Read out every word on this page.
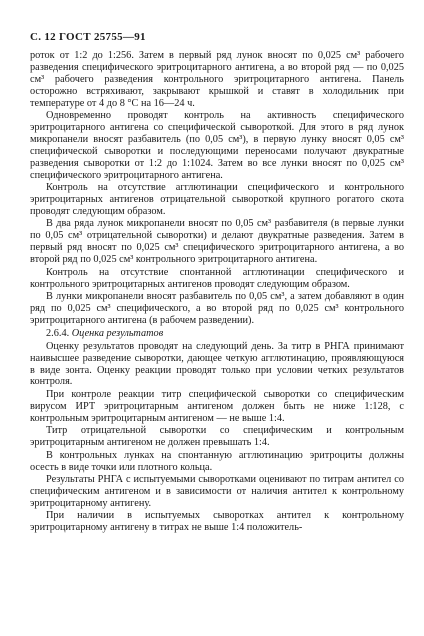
С. 12 ГОСТ 25755—91

роток от 1:2 до 1:256. Затем в первый ряд лунок вносят по 0,025 см³ рабочего разведения специфического эритроцитарного антигена, а во второй ряд — по 0,025 см³ рабочего разведения контрольного эритроцитарного антигена. Панель осторожно встряхивают, закрывают крышкой и ставят в холодильник при температуре от 4 до 8 °С на 16—24 ч.

Одновременно проводят контроль на активность специфического эритроцитарного антигена со специфической сывороткой. Для этого в ряд лунок микропанели вносят разбавитель (по 0,05 см³), в первую лунку вносят 0,05 см³ специфической сыворотки и последующими переносами получают двукратные разведения сыворотки от 1:2 до 1:1024. Затем во все лунки вносят по 0,025 см³ специфического эритроцитарного антигена.

Контроль на отсутствие агглютинации специфического и контрольного эритроцитарных антигенов отрицательной сывороткой крупного рогатого скота проводят следующим образом.

В два ряда лунок микропанели вносят по 0,05 см³ разбавителя (в первые лунки по 0,05 см³ отрицательной сыворотки) и делают двукратные разведения. Затем в первый ряд вносят по 0,025 см³ специфического эритроцитарного антигена, а во второй ряд по 0,025 см³ контрольного эритроцитарного антигена.

Контроль на отсутствие спонтанной агглютинации специфического и контрольного эритроцитарных антигенов проводят следующим образом.

В лунки микропанели вносят разбавитель по 0,05 см³, а затем добавляют в один ряд по 0,025 см³ специфического, а во второй ряд по 0,025 см³ контрольного эритроцитарного антигена (в рабочем разведении).

2.6.4. Оценка результатов

Оценку результатов проводят на следующий день. За титр в РНГА принимают наивысшее разведение сыворотки, дающее четкую агглютинацию, проявляющуюся в виде зонта. Оценку реакции проводят только при условии четких результатов контроля.

При контроле реакции титр специфической сыворотки со специфическим вирусом ИРТ эритроцитарным антигеном должен быть не ниже 1:128, с контрольным эритроцитарным антигеном — не выше 1:4.

Титр отрицательной сыворотки со специфическим и контрольным эритроцитарным антигеном не должен превышать 1:4.

В контрольных лунках на спонтанную агглютинацию эритроциты должны осесть в виде точки или плотного кольца.

Результаты РНГА с испытуемыми сыворотками оценивают по титрам антител со специфическим антигеном и в зависимости от наличия антител к контрольному эритроцитарному антигену.

При наличии в испытуемых сыворотках антител к контрольному эритроцитарному антигену в титрах не выше 1:4 положитель-
